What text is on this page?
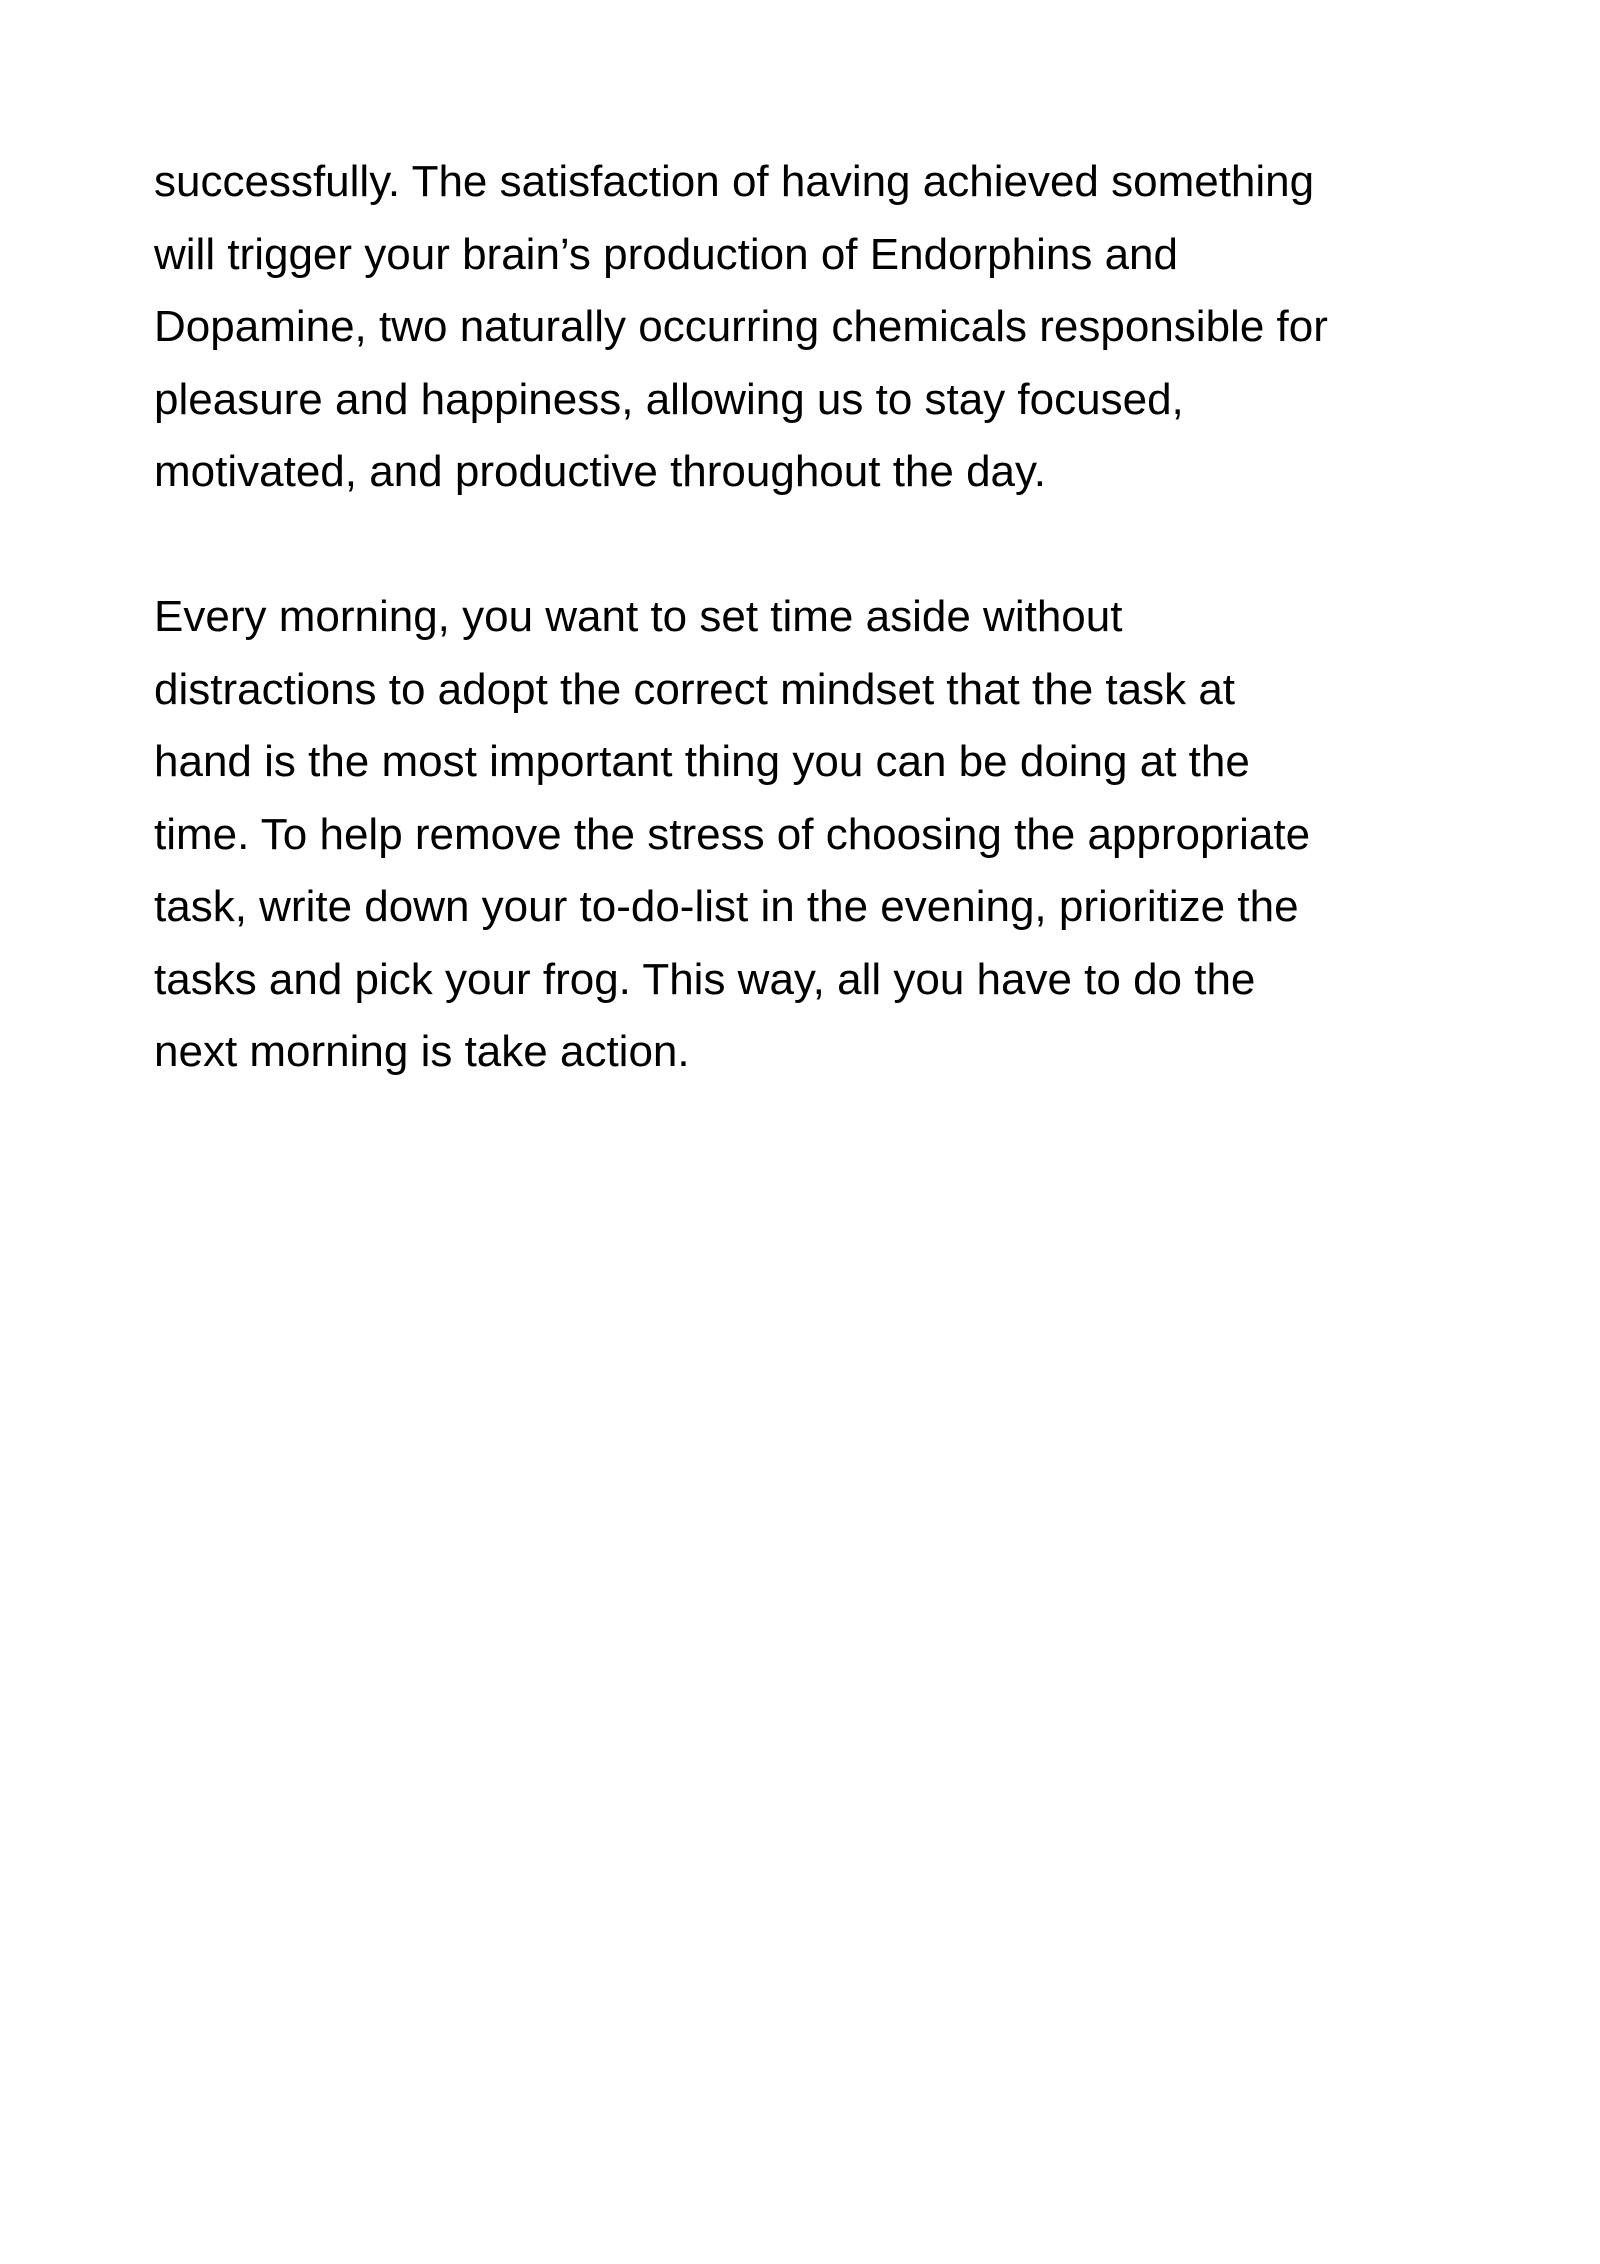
successfully. The satisfaction of having achieved something
will trigger your brain’s production of Endorphins and
Dopamine, two naturally occurring chemicals responsible for
pleasure and happiness, allowing us to stay focused,
motivated, and productive throughout the day.
Every morning, you want to set time aside without
distractions to adopt the correct mindset that the task at
hand is the most important thing you can be doing at the
time. To help remove the stress of choosing the appropriate
task, write down your to-do-list in the evening, prioritize the
tasks and pick your frog. This way, all you have to do the
next morning is take action.
